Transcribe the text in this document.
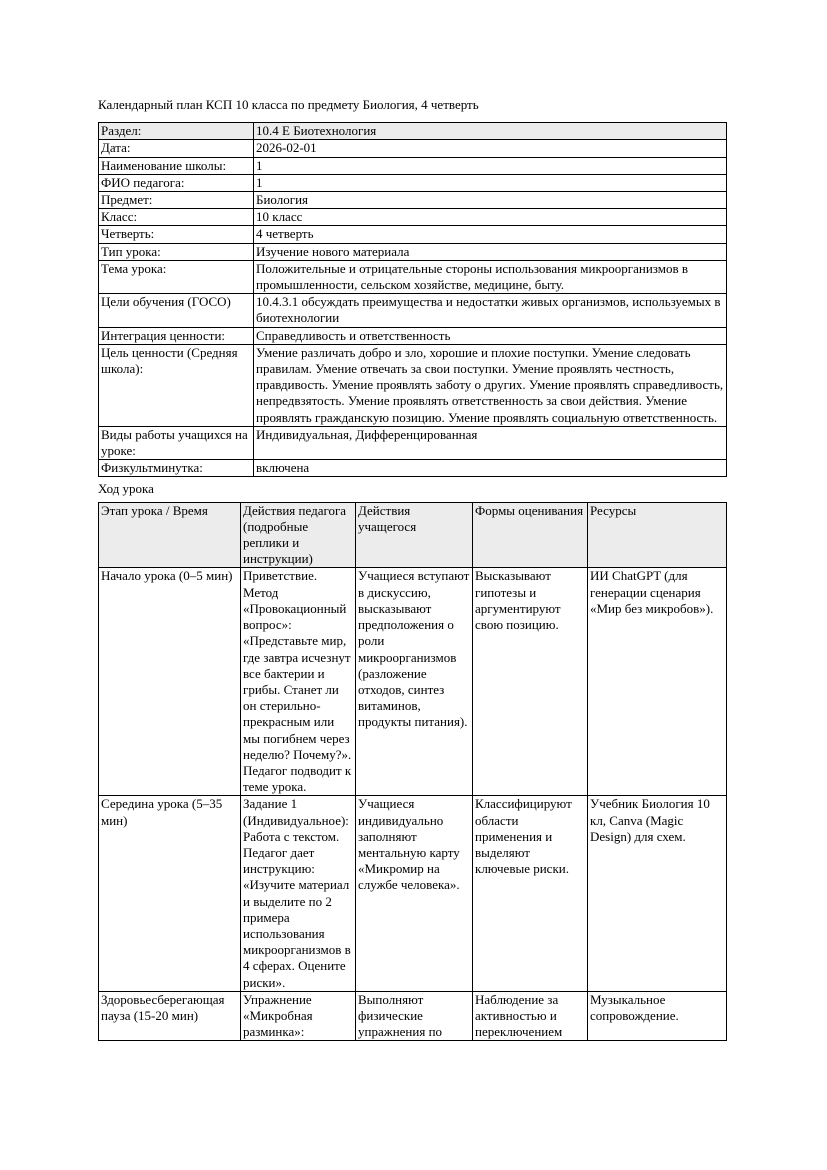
Календарный план КСП 10 класса по предмету Биология, 4 четверть

Раздел:	10.4 Е Биотехнология
Дата:	2026-02-01
Наименование школы:	1
ФИО педагога:	1
Предмет:	Биология
Класс:	10 класс
Четверть:	4 четверть
Тип урока:	Изучение нового материала
Тема урока:	Положительные и отрицательные стороны использования микроорганизмов в промышленности, сельском хозяйстве, медицине, быту.
Цели обучения (ГОСО)	10.4.3.1 обсуждать преимущества и недостатки живых организмов, используемых в биотехнологии
Интеграция ценности:	Справедливость и ответственность
Цель ценности (Средняя школа):	Умение различать добро и зло, хорошие и плохие поступки. Умение следовать правилам. Умение отвечать за свои поступки. Умение проявлять честность, правдивость. Умение проявлять заботу о других. Умение проявлять справедливость, непредвзятость. Умение проявлять ответственность за свои действия. Умение проявлять гражданскую позицию. Умение проявлять социальную ответственность.
Виды работы учащихся на уроке:	Индивидуальная, Дифференцированная
Физкультминутка:	включена

Ход урока

Этап урока / Время	Действия педагога (подробные реплики и инструкции)	Действия учащегося	Формы оценивания	Ресурсы
Начало урока (0–5 мин)	Приветствие. Метод «Провокационный вопрос»: «Представьте мир, где завтра исчезнут все бактерии и грибы. Станет ли он стерильно-прекрасным или мы погибнем через неделю? Почему?». Педагог подводит к теме урока.	Учащиеся вступают в дискуссию, высказывают предположения о роли микроорганизмов (разложение отходов, синтез витаминов, продукты питания).	Высказывают гипотезы и аргументируют свою позицию.	ИИ ChatGPT (для генерации сценария «Мир без микробов»).
Середина урока (5–35 мин)	Задание 1 (Индивидуальное): Работа с текстом. Педагог дает инструкцию: «Изучите материал и выделите по 2 примера использования микроорганизмов в 4 сферах. Оцените риски».	Учащиеся индивидуально заполняют ментальную карту «Микромир на службе человека».	Классифицируют области применения и выделяют ключевые риски.	Учебник Биология 10 кл, Canva (Magic Design) для схем.

Здоровьесберегающая пауза (15-20 мин)	Упражнение «Микробная разминка»:	Выполняют физические упражнения по	Наблюдение за активностью и переключением	Музыкальное сопровождение.
